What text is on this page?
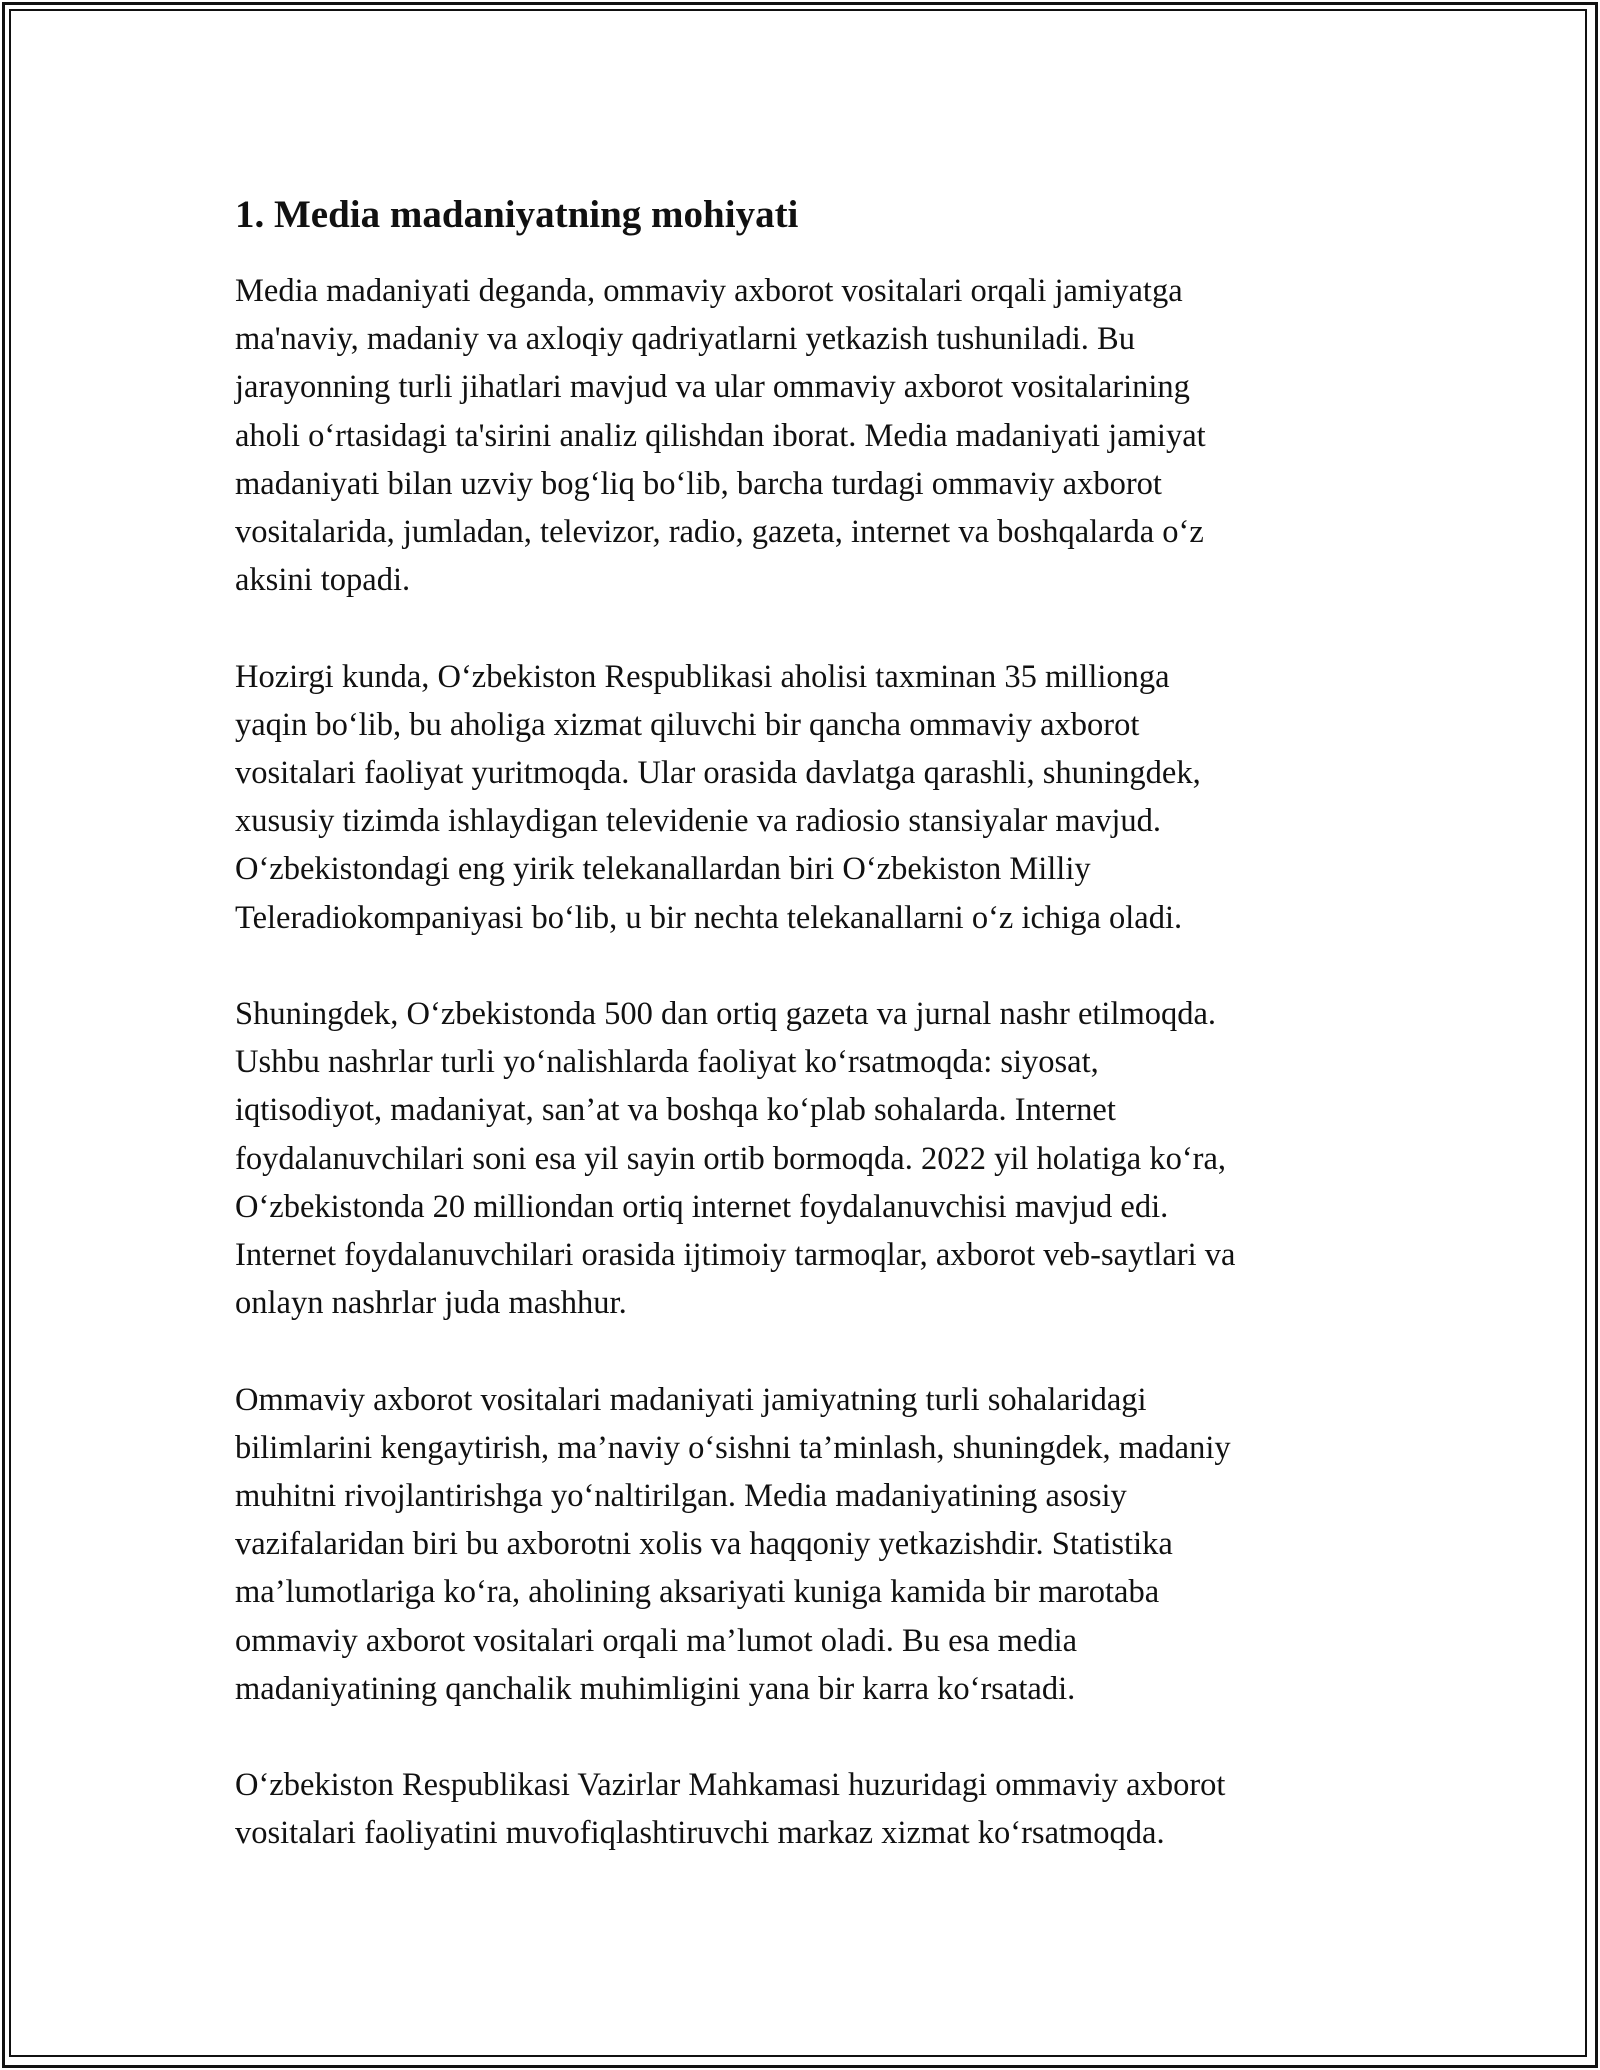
1. Media madaniyatning mohiyati

Media madaniyati deganda, ommaviy axborot vositalari orqali jamiyatga
ma'naviy, madaniy va axloqiy qadriyatlarni yetkazish tushuniladi. Bu
jarayonning turli jihatlari mavjud va ular ommaviy axborot vositalarining
aholi o‘rtasidagi ta'sirini analiz qilishdan iborat. Media madaniyati jamiyat
madaniyati bilan uzviy bog‘liq bo‘lib, barcha turdagi ommaviy axborot
vositalarida, jumladan, televizor, radio, gazeta, internet va boshqalarda o‘z
aksini topadi.

Hozirgi kunda, O‘zbekiston Respublikasi aholisi taxminan 35 millionga
yaqin bo‘lib, bu aholiga xizmat qiluvchi bir qancha ommaviy axborot
vositalari faoliyat yuritmoqda. Ular orasida davlatga qarashli, shuningdek,
xususiy tizimda ishlaydigan televidenie va radiosio stansiyalar mavjud.
O‘zbekistondagi eng yirik telekanallardan biri O‘zbekiston Milliy
Teleradiokompaniyasi bo‘lib, u bir nechta telekanallarni o‘z ichiga oladi.

Shuningdek, O‘zbekistonda 500 dan ortiq gazeta va jurnal nashr etilmoqda.
Ushbu nashrlar turli yo‘nalishlarda faoliyat ko‘rsatmoqda: siyosat,
iqtisodiyot, madaniyat, san’at va boshqa ko‘plab sohalarda. Internet
foydalanuvchilari soni esa yil sayin ortib bormoqda. 2022 yil holatiga ko‘ra,
O‘zbekistonda 20 milliondan ortiq internet foydalanuvchisi mavjud edi.
Internet foydalanuvchilari orasida ijtimoiy tarmoqlar, axborot veb-saytlari va
onlayn nashrlar juda mashhur.

Ommaviy axborot vositalari madaniyati jamiyatning turli sohalaridagi
bilimlarini kengaytirish, ma’naviy o‘sishni ta’minlash, shuningdek, madaniy
muhitni rivojlantirishga yo‘naltirilgan. Media madaniyatining asosiy
vazifalaridan biri bu axborotni xolis va haqqoniy yetkazishdir. Statistika
ma’lumotlariga ko‘ra, aholining aksariyati kuniga kamida bir marotaba
ommaviy axborot vositalari orqali ma’lumot oladi. Bu esa media
madaniyatining qanchalik muhimligini yana bir karra ko‘rsatadi.

O‘zbekiston Respublikasi Vazirlar Mahkamasi huzuridagi ommaviy axborot
vositalari faoliyatini muvofiqlashtiruvchi markaz xizmat ko‘rsatmoqda.
